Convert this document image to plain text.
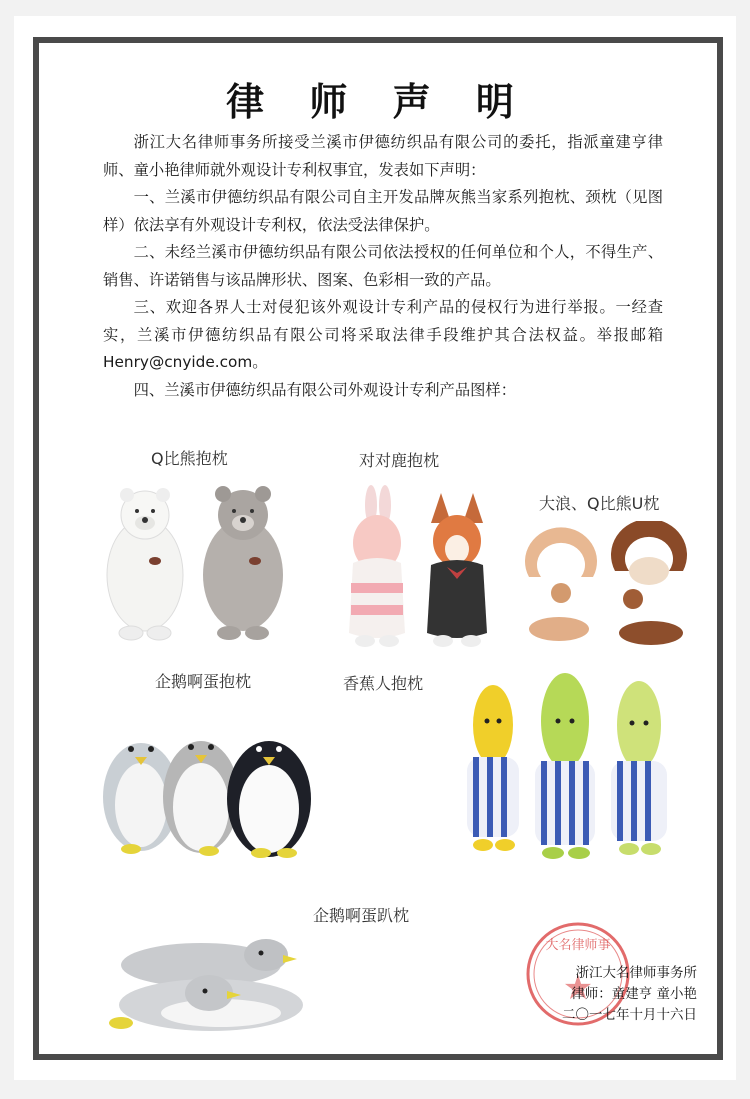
律 师 声 明

浙江大名律师事务所接受兰溪市伊德纺织品有限公司的委托，指派童建亨律师、童小艳律师就外观设计专利权事宜，发表如下声明：

一、兰溪市伊德纺织品有限公司自主开发品牌灰熊当家系列抱枕、颈枕（见图样）依法享有外观设计专利权，依法受法律保护。

二、未经兰溪市伊德纺织品有限公司依法授权的任何单位和个人，不得生产、销售、许诺销售与该品牌形状、图案、色彩相一致的产品。

三、欢迎各界人士对侵犯该外观设计专利产品的侵权行为进行举报。一经查实，兰溪市伊德纺织品有限公司将采取法律手段维护其合法权益。举报邮箱Henry@cnyide.com。

四、兰溪市伊德纺织品有限公司外观设计专利产品图样：

Q比熊抱枕	对对鹿抱枕
大浪、Q比熊U枕
企鹅啊蛋抱枕	香蕉人抱枕
企鹅啊蛋趴枕
大名律师事
★
浙江大名律师事务所
律师：童建亨 童小艳
二〇一七年十月十六日
